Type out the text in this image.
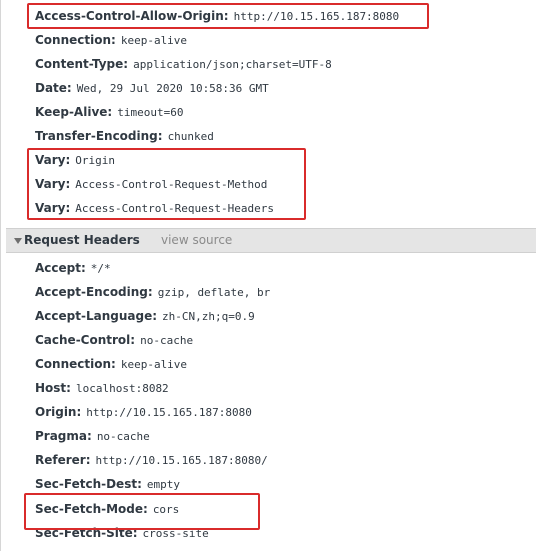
Access-Control-Allow-Origin: http://10.15.165.187:8080
Connection: keep-alive
Content-Type: application/json;charset=UTF-8
Date: Wed, 29 Jul 2020 10:58:36 GMT
Keep-Alive: timeout=60
Transfer-Encoding: chunked
Vary: Origin
Vary: Access-Control-Request-Method
Vary: Access-Control-Request-Headers
Request Headers view source
Accept: */*
Accept-Encoding: gzip, deflate, br
Accept-Language: zh-CN,zh;q=0.9
Cache-Control: no-cache
Connection: keep-alive
Host: localhost:8082
Origin: http://10.15.165.187:8080
Pragma: no-cache
Referer: http://10.15.165.187:8080/
Sec-Fetch-Dest: empty
Sec-Fetch-Mode: cors
Sec-Fetch-Site: cross-site
